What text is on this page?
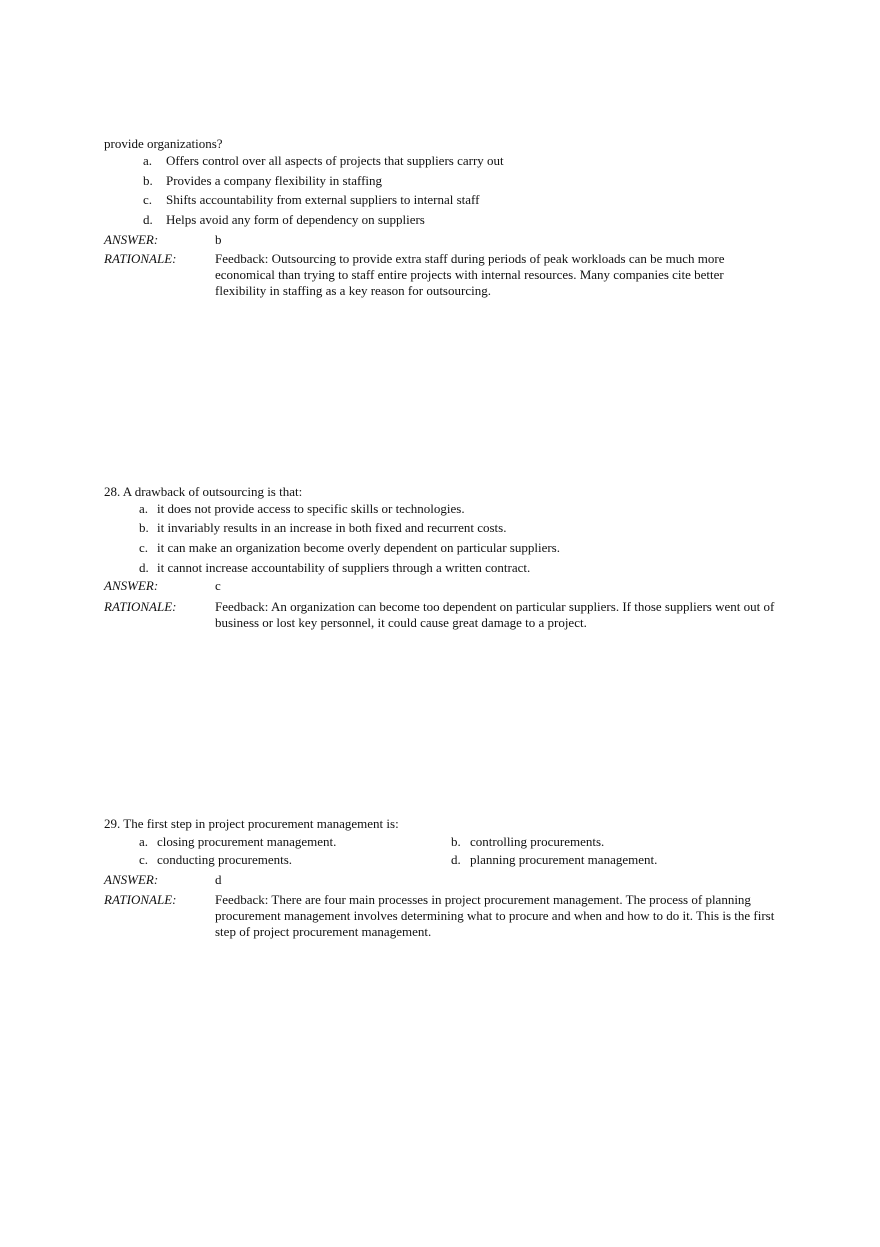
provide organizations?
a. Offers control over all aspects of projects that suppliers carry out
b. Provides a company flexibility in staffing
c. Shifts accountability from external suppliers to internal staff
d. Helps avoid any form of dependency on suppliers
ANSWER:	b
RATIONALE:	Feedback: Outsourcing to provide extra staff during periods of peak workloads can be much more economical than trying to staff entire projects with internal resources. Many companies cite better flexibility in staffing as a key reason for outsourcing.
28. A drawback of outsourcing is that:
a. it does not provide access to specific skills or technologies.
b. it invariably results in an increase in both fixed and recurrent costs.
c. it can make an organization become overly dependent on particular suppliers.
d. it cannot increase accountability of suppliers through a written contract.
ANSWER:	c
RATIONALE:	Feedback: An organization can become too dependent on particular suppliers. If those suppliers went out of business or lost key personnel, it could cause great damage to a project.
29. The first step in project procurement management is:
a. closing procurement management.	b. controlling procurements.
c. conducting procurements.	d. planning procurement management.
ANSWER:	d
RATIONALE:	Feedback: There are four main processes in project procurement management. The process of planning procurement management involves determining what to procure and when and how to do it. This is the first step of project procurement management.
